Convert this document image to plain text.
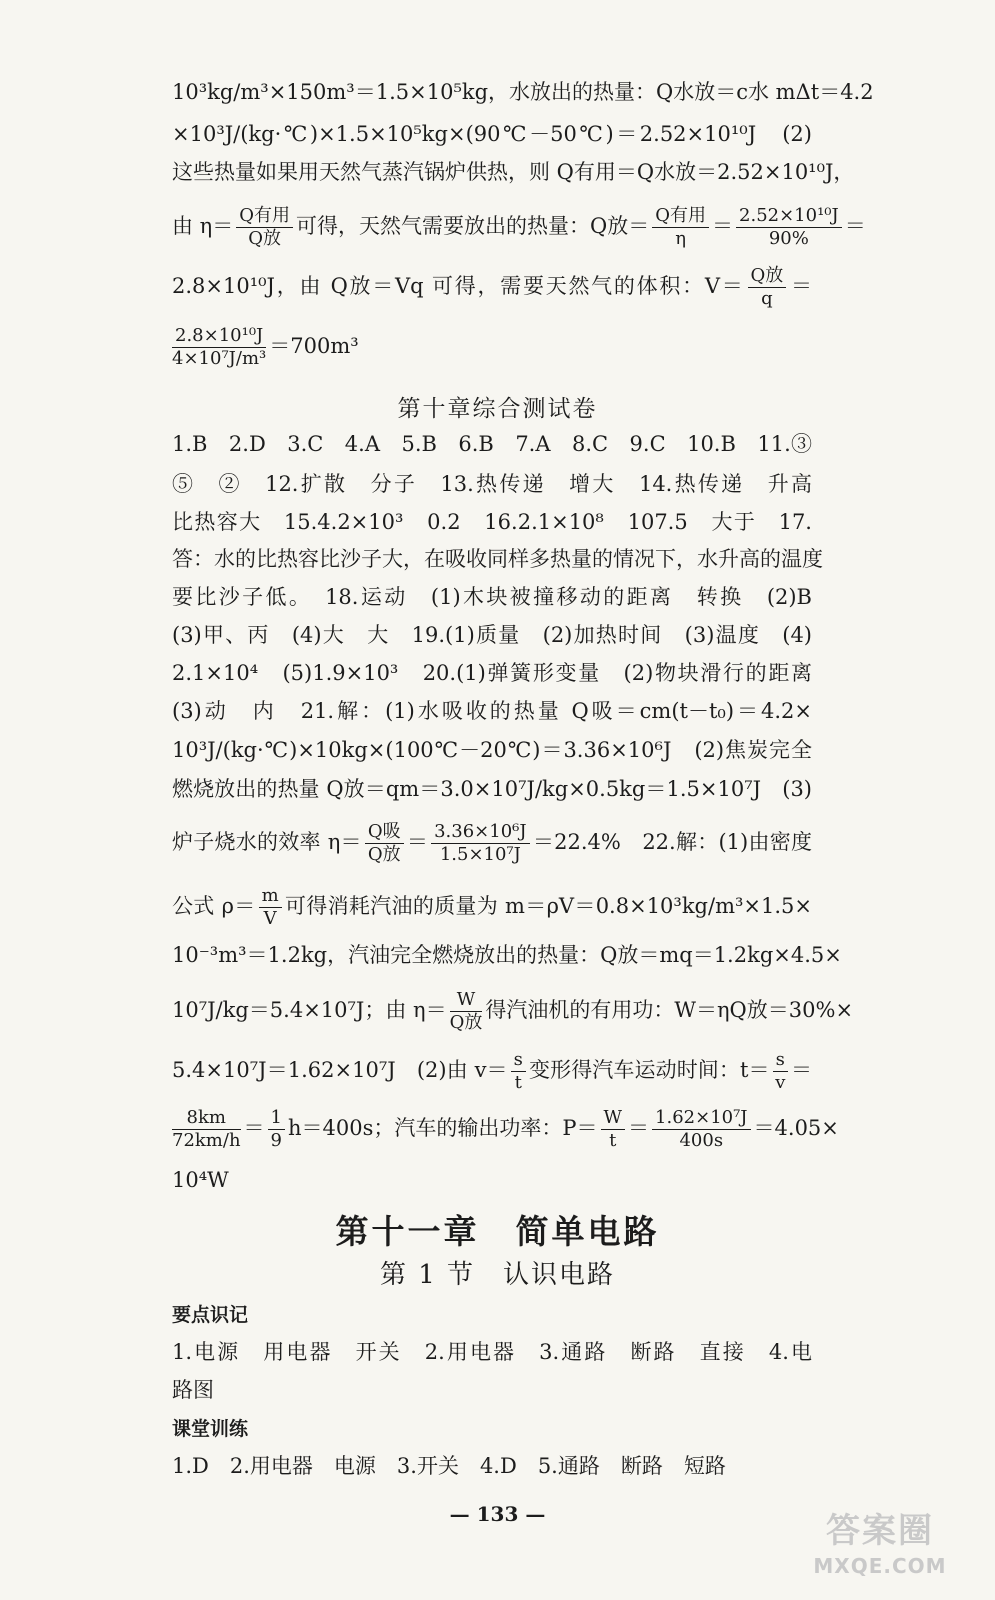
10³kg/m³×150m³＝1.5×10⁵kg，水放出的热量：Q水放＝c水 mΔt＝4.2
×10³J/(kg·℃)×1.5×10⁵kg×(90℃－50℃)＝2.52×10¹⁰J　(2)
这些热量如果用天然气蒸汽锅炉供热，则 Q有用＝Q水放＝2.52×10¹⁰J，
由 $\eta= \frac{\text{Q有用}}{\text{Q放}}$ 可得，天然气需要放出的热量：Q放＝ $\frac{\text{Q有用}}{\eta} = \frac{\text{2.52×10¹⁰J}}{90\%}$ ＝
2.8×10¹⁰J，由 Q放＝Vq 可得，需要天然气的体积：$V= \frac{\text{Q放}}{q}$ ＝
$\frac{\text{2.8×10¹⁰J}}{\text{4×10⁷J/m³}} =700m^3$
第十章综合测试卷
1.B　2.D　3.C　4.A　5.B　6.B　7.A　8.C　9.C　10.B　11.③
⑤　②　12.扩散　分子　13.热传递　增大　14.热传递　升高
比热容大　15.4.2×10³　0.2　16.2.1×10⁸　107.5　大于　17.
答：水的比热容比沙子大，在吸收同样多热量的情况下，水升高的温度
要比沙子低。　18.运动　(1)木块被撞移动的距离　转换　(2)B
(3)甲、丙　(4)大　大　19.(1)质量　(2)加热时间　(3)温度　(4)
2.1×10⁴　(5)1.9×10³　20.(1)弹簧形变量　(2)物块滑行的距离
(3)动　内　21.解：(1)水吸收的热量 Q吸＝cm(t－t₀)＝4.2×
10³J/(kg·℃)×10kg×(100℃－20℃)＝3.36×10⁶J　(2)焦炭完全
燃烧放出的热量 Q放＝qm＝3.0×10⁷J/kg×0.5kg＝1.5×10⁷J　(3)
炉子烧水的效率 $\eta= \frac{\text{Q吸}}{\text{Q放}} = \frac{\text{3.36×10⁶J}}{\text{1.5×10⁷J}} =22.4\%$　22.解：(1)由密度
公式 $\rho= \frac{m}{V}$ 可得消耗汽油的质量为 m＝ρV＝0.8×10³kg/m³×1.5×
10⁻³m³＝1.2kg，汽油完全燃烧放出的热量：Q放＝mq＝1.2kg×4.5×
10⁷J/kg＝5.4×10⁷J；由 $\eta= \frac{W}{\text{Q放}}$ 得汽油机的有用功：W＝ηQ放＝30%×
5.4×10⁷J＝1.62×10⁷J　(2)由 $v= \frac{s}{t}$ 变形得汽车运动时间：$t= \frac{s}{v}$ ＝
$\frac{8km}{72km/h} = \frac{1}{9} h=400s$；汽车的输出功率：$P= \frac{W}{t} = \frac{\text{1.62×10⁷J}}{400s} =4.05\times$
10⁴W
第十一章　简单电路
第 1 节　认识电路
要点识记
1.电源　用电器　开关　2.用电器　3.通路　断路　直接　4.电
路图
课堂训练
1.D　2.用电器　电源　3.开关　4.D　5.通路　断路　短路
— 133 —	答案圈
MXQE.COM
